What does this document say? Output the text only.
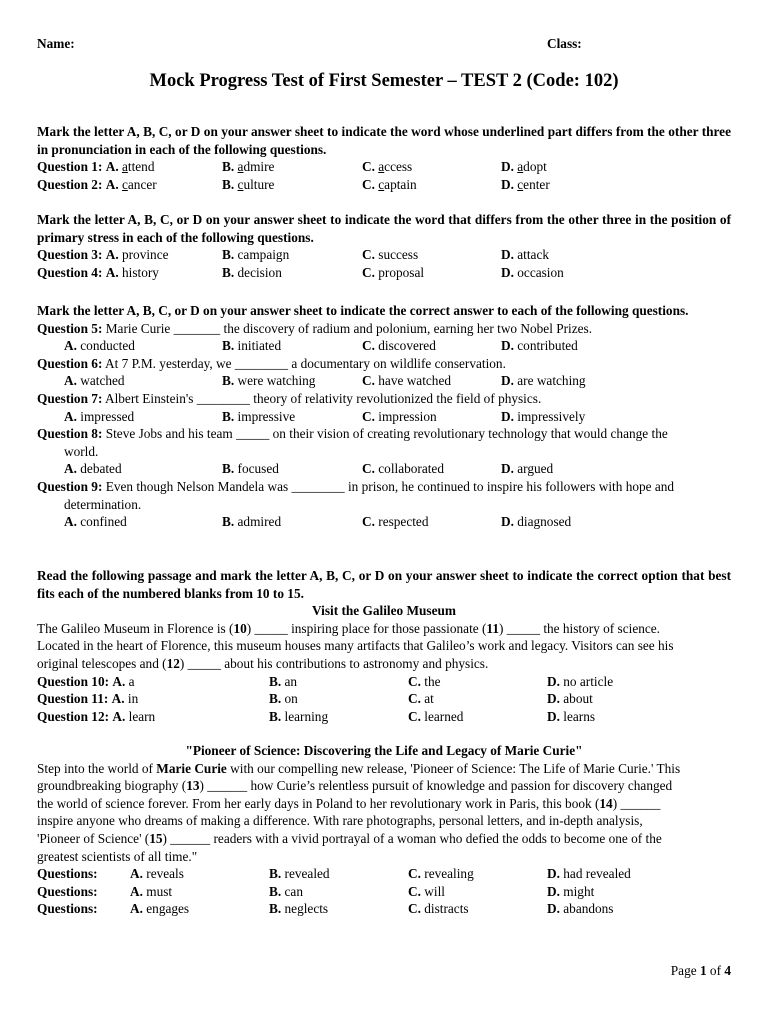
Name:	Class:
Mock Progress Test of First Semester – TEST 2 (Code: 102)
Mark the letter A, B, C, or D on your answer sheet to indicate the word whose underlined part differs from the other three in pronunciation in each of the following questions.
Question 1: A. attend	B. admire	C. access	D. adopt
Question 2: A. cancer	B. culture	C. captain	D. center
Mark the letter A, B, C, or D on your answer sheet to indicate the word that differs from the other three in the position of primary stress in each of the following questions.
Question 3: A. province	B. campaign	C. success	D. attack
Question 4: A. history	B. decision	C. proposal	D. occasion
Mark the letter A, B, C, or D on your answer sheet to indicate the correct answer to each of the following questions.
Question 5: Marie Curie _______ the discovery of radium and polonium, earning her two Nobel Prizes.
A. conducted	B. initiated	C. discovered	D. contributed
Question 6: At 7 P.M. yesterday, we ________ a documentary on wildlife conservation.
A. watched	B. were watching	C. have watched	D. are watching
Question 7: Albert Einstein's ________ theory of relativity revolutionized the field of physics.
A. impressed	B. impressive	C. impression	D. impressively
Question 8: Steve Jobs and his team _____ on their vision of creating revolutionary technology that would change the
world.
A. debated	B. focused	C. collaborated	D. argued
Question 9: Even though Nelson Mandela was ________ in prison, he continued to inspire his followers with hope and
determination.
A. confined	B. admired	C. respected	D. diagnosed
Read the following passage and mark the letter A, B, C, or D on your answer sheet to indicate the correct option that best fits each of the numbered blanks from 10 to 15.
Visit the Galileo Museum
The Galileo Museum in Florence is (10) _____ inspiring place for those passionate (11) _____ the history of science.
Located in the heart of Florence, this museum houses many artifacts that Galileo’s work and legacy. Visitors can see his
original telescopes and (12) _____ about his contributions to astronomy and physics.
Question 10: A. a	B. an	C. the	D. no article
Question 11: A. in	B. on	C. at	D. about
Question 12: A. learn	B. learning	C. learned	D. learns
"Pioneer of Science: Discovering the Life and Legacy of Marie Curie"
Step into the world of Marie Curie with our compelling new release, 'Pioneer of Science: The Life of Marie Curie.' This
groundbreaking biography (13) ______ how Curie’s relentless pursuit of knowledge and passion for discovery changed
the world of science forever. From her early days in Poland to her revolutionary work in Paris, this book (14) ______
inspire anyone who dreams of making a difference. With rare photographs, personal letters, and in-depth analysis,
'Pioneer of Science' (15) ______ readers with a vivid portrayal of a woman who defied the odds to become one of the
greatest scientists of all time."
Questions: A. reveals	B. revealed	C. revealing	D. had revealed
Questions: A. must	B. can	C. will	D. might
Questions: A. engages	B. neglects	C. distracts	D. abandons
Page 1 of 4
